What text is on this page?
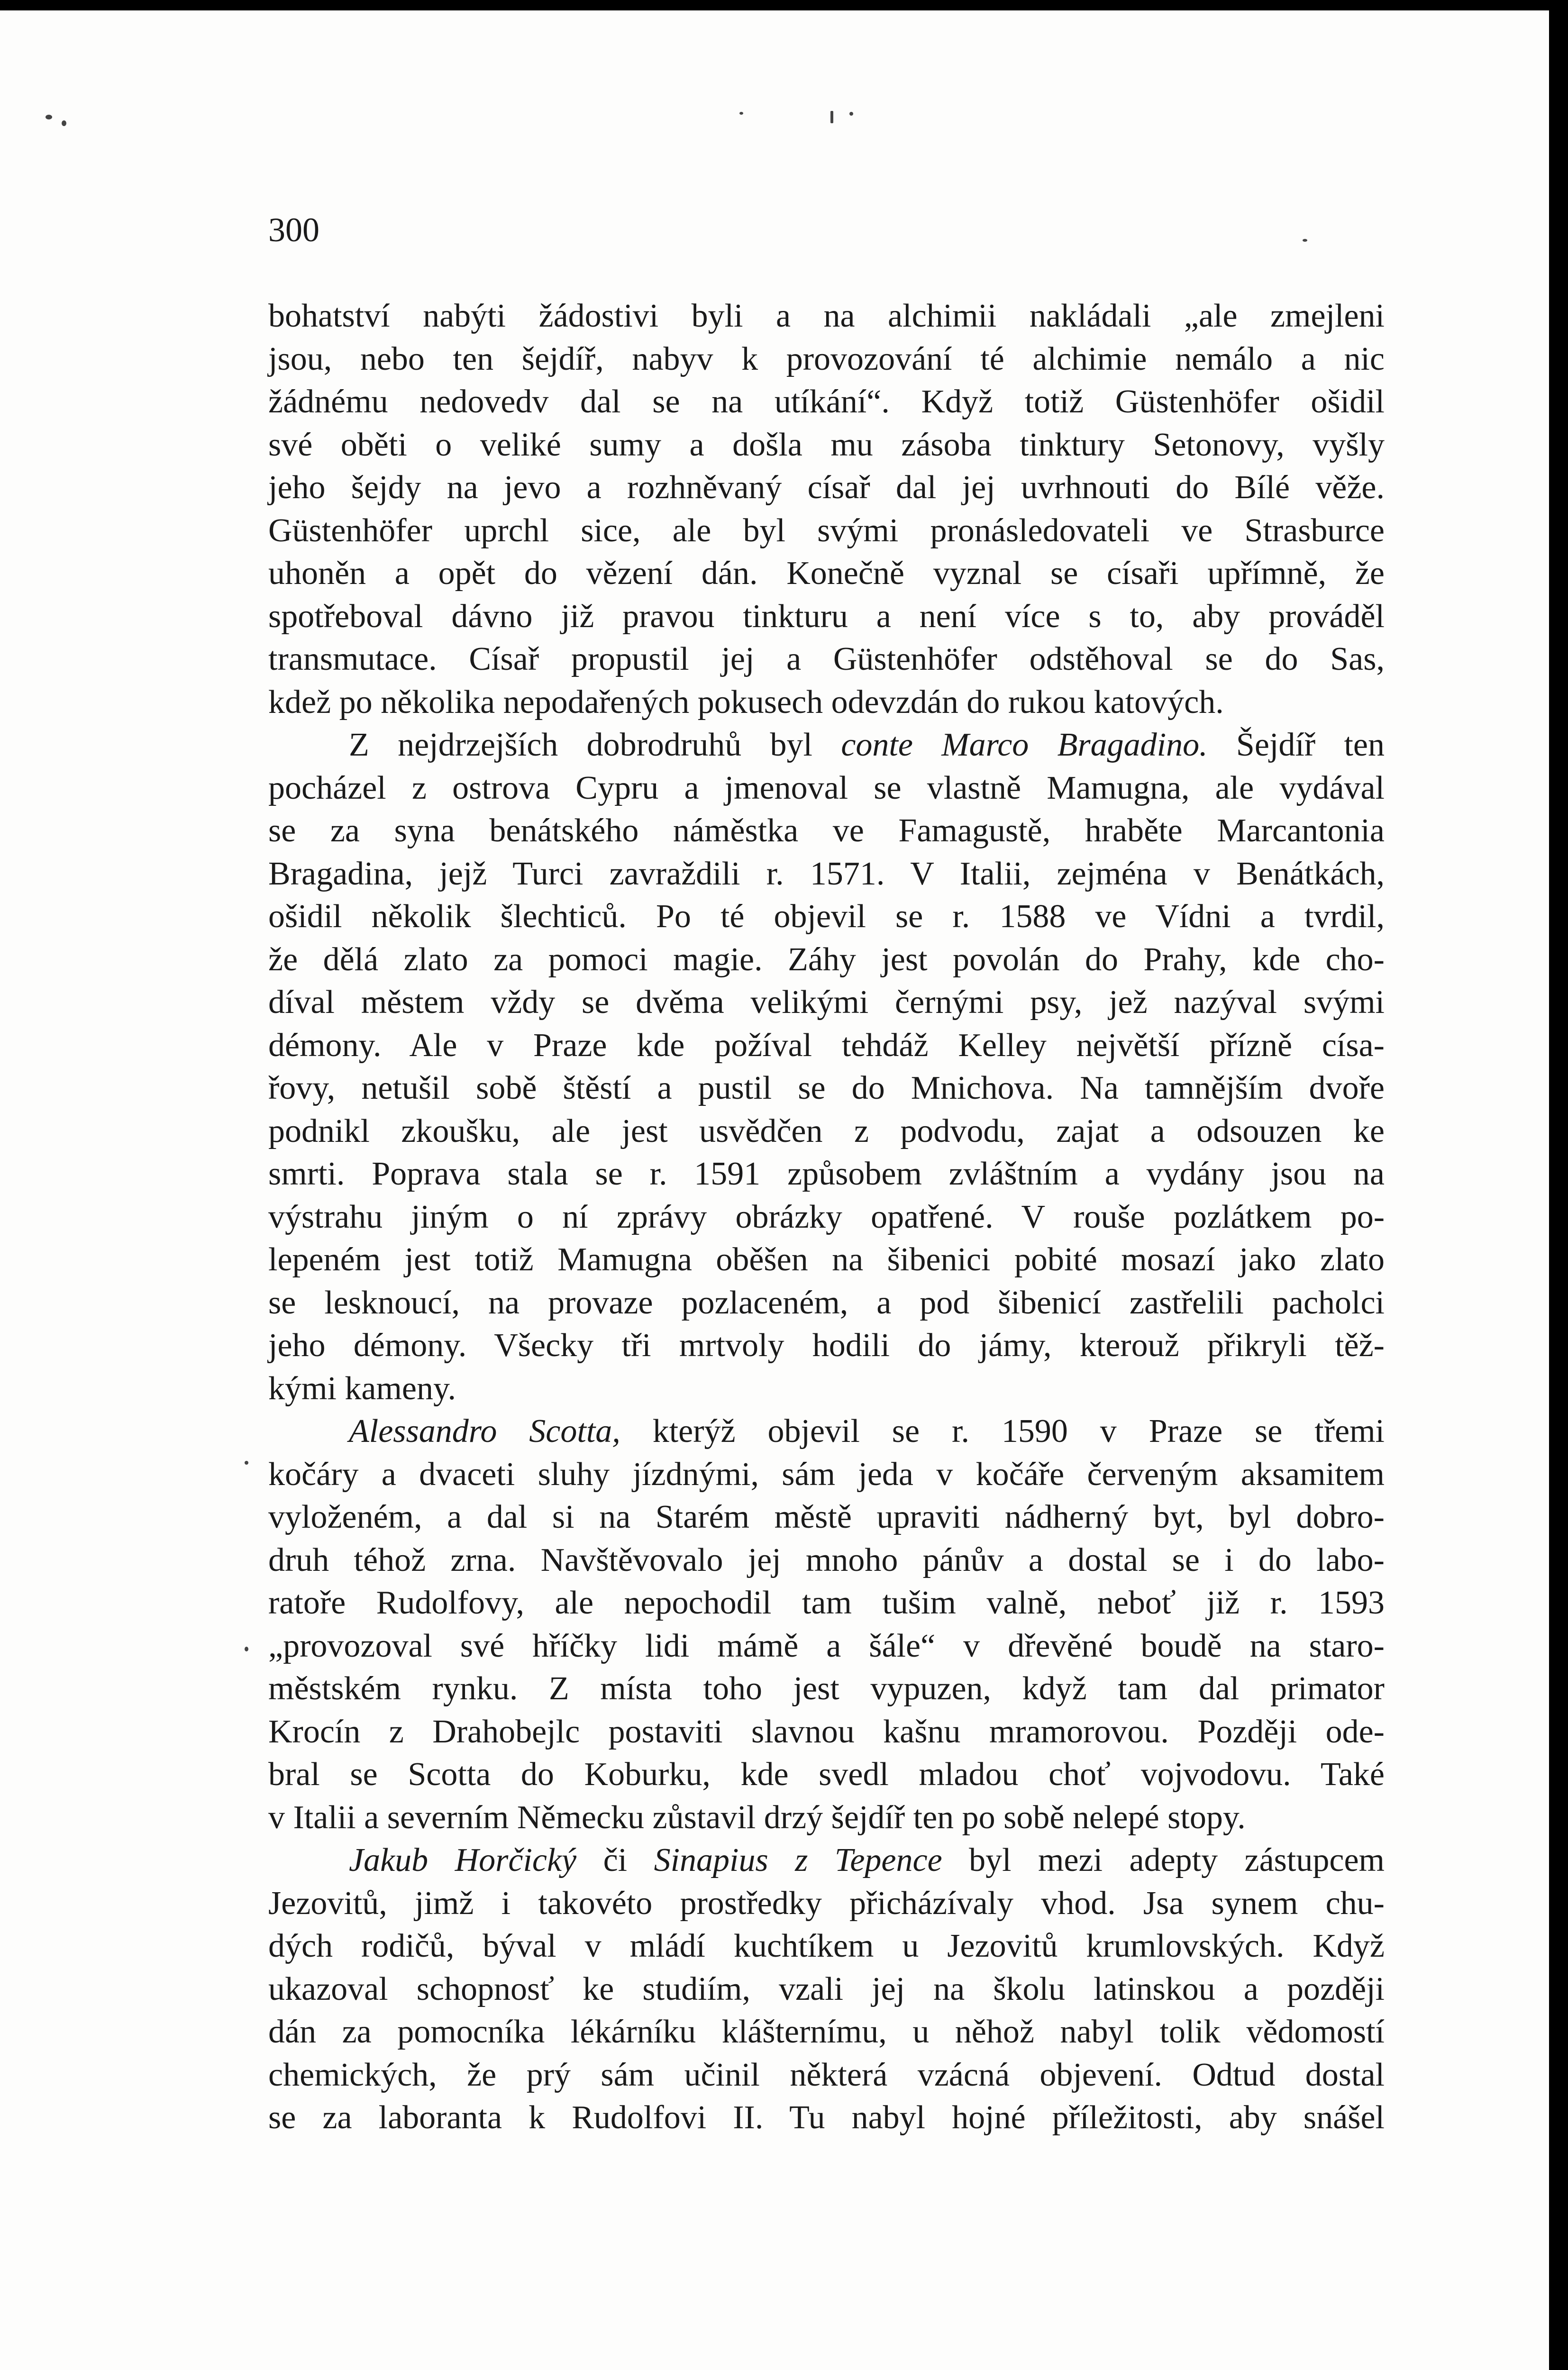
300

bohatství nabýti žádostivi byli a na alchimii nakládali „ale zmejleni
jsou, nebo ten šejdíř, nabyv k provozování té alchimie nemálo a nic
žádnému nedovedv dal se na utíkání“. Když totiž Güstenhöfer ošidil
své oběti o veliké sumy a došla mu zásoba tinktury Setonovy, vyšly
jeho šejdy na jevo a rozhněvaný císař dal jej uvrhnouti do Bílé věže.
Güstenhöfer uprchl sice, ale byl svými pronásledovateli ve Strasburce
uhoněn a opět do vězení dán. Konečně vyznal se císaři upřímně, že
spotřeboval dávno již pravou tinkturu a není více s to, aby prováděl
transmutace. Císař propustil jej a Güstenhöfer odstěhoval se do Sas,
kdež po několika nepodařených pokusech odevzdán do rukou katových.
Z nejdrzejších dobrodruhů byl conte Marco Bragadino. Šejdíř ten
pocházel z ostrova Cypru a jmenoval se vlastně Mamugna, ale vydával
se za syna benátského náměstka ve Famagustě, hraběte Marcantonia
Bragadina, jejž Turci zavraždili r. 1571. V Italii, zejména v Benátkách,
ošidil několik šlechticů. Po té objevil se r. 1588 ve Vídni a tvrdil,
že dělá zlato za pomoci magie. Záhy jest povolán do Prahy, kde cho-
díval městem vždy se dvěma velikými černými psy, jež nazýval svými
démony. Ale v Praze kde požíval tehdáž Kelley největší přízně císa-
řovy, netušil sobě štěstí a pustil se do Mnichova. Na tamnějším dvoře
podnikl zkoušku, ale jest usvědčen z podvodu, zajat a odsouzen ke
smrti. Poprava stala se r. 1591 způsobem zvláštním a vydány jsou na
výstrahu jiným o ní zprávy obrázky opatřené. V rouše pozlátkem po-
lepeném jest totiž Mamugna oběšen na šibenici pobité mosazí jako zlato
se lesknoucí, na provaze pozlaceném, a pod šibenicí zastřelili pacholci
jeho démony. Všecky tři mrtvoly hodili do jámy, kterouž přikryli těž-
kými kameny.
Alessandro Scotta, kterýž objevil se r. 1590 v Praze se třemi
kočáry a dvaceti sluhy jízdnými, sám jeda v kočáře červeným aksamitem
vyloženém, a dal si na Starém městě upraviti nádherný byt, byl dobro-
druh téhož zrna. Navštěvovalo jej mnoho pánův a dostal se i do labo-
ratoře Rudolfovy, ale nepochodil tam tušim valně, neboť již r. 1593
„provozoval své hříčky lidi mámě a šále“ v dřevěné boudě na staro-
městském rynku. Z místa toho jest vypuzen, když tam dal primator
Krocín z Drahobejlc postaviti slavnou kašnu mramorovou. Později ode-
bral se Scotta do Koburku, kde svedl mladou choť vojvodovu. Také
v Italii a severním Německu zůstavil drzý šejdíř ten po sobě nelepé stopy.
Jakub Horčický či Sinapius z Tepence byl mezi adepty zástupcem
Jezovitů, jimž i takovéto prostředky přicházívaly vhod. Jsa synem chu-
dých rodičů, býval v mládí kuchtíkem u Jezovitů krumlovských. Když
ukazoval schopnosť ke studiím, vzali jej na školu latinskou a později
dán za pomocníka lékárníku klášternímu, u něhož nabyl tolik vědomostí
chemických, že prý sám učinil některá vzácná objevení. Odtud dostal
se za laboranta k Rudolfovi II. Tu nabyl hojné příležitosti, aby snášel
